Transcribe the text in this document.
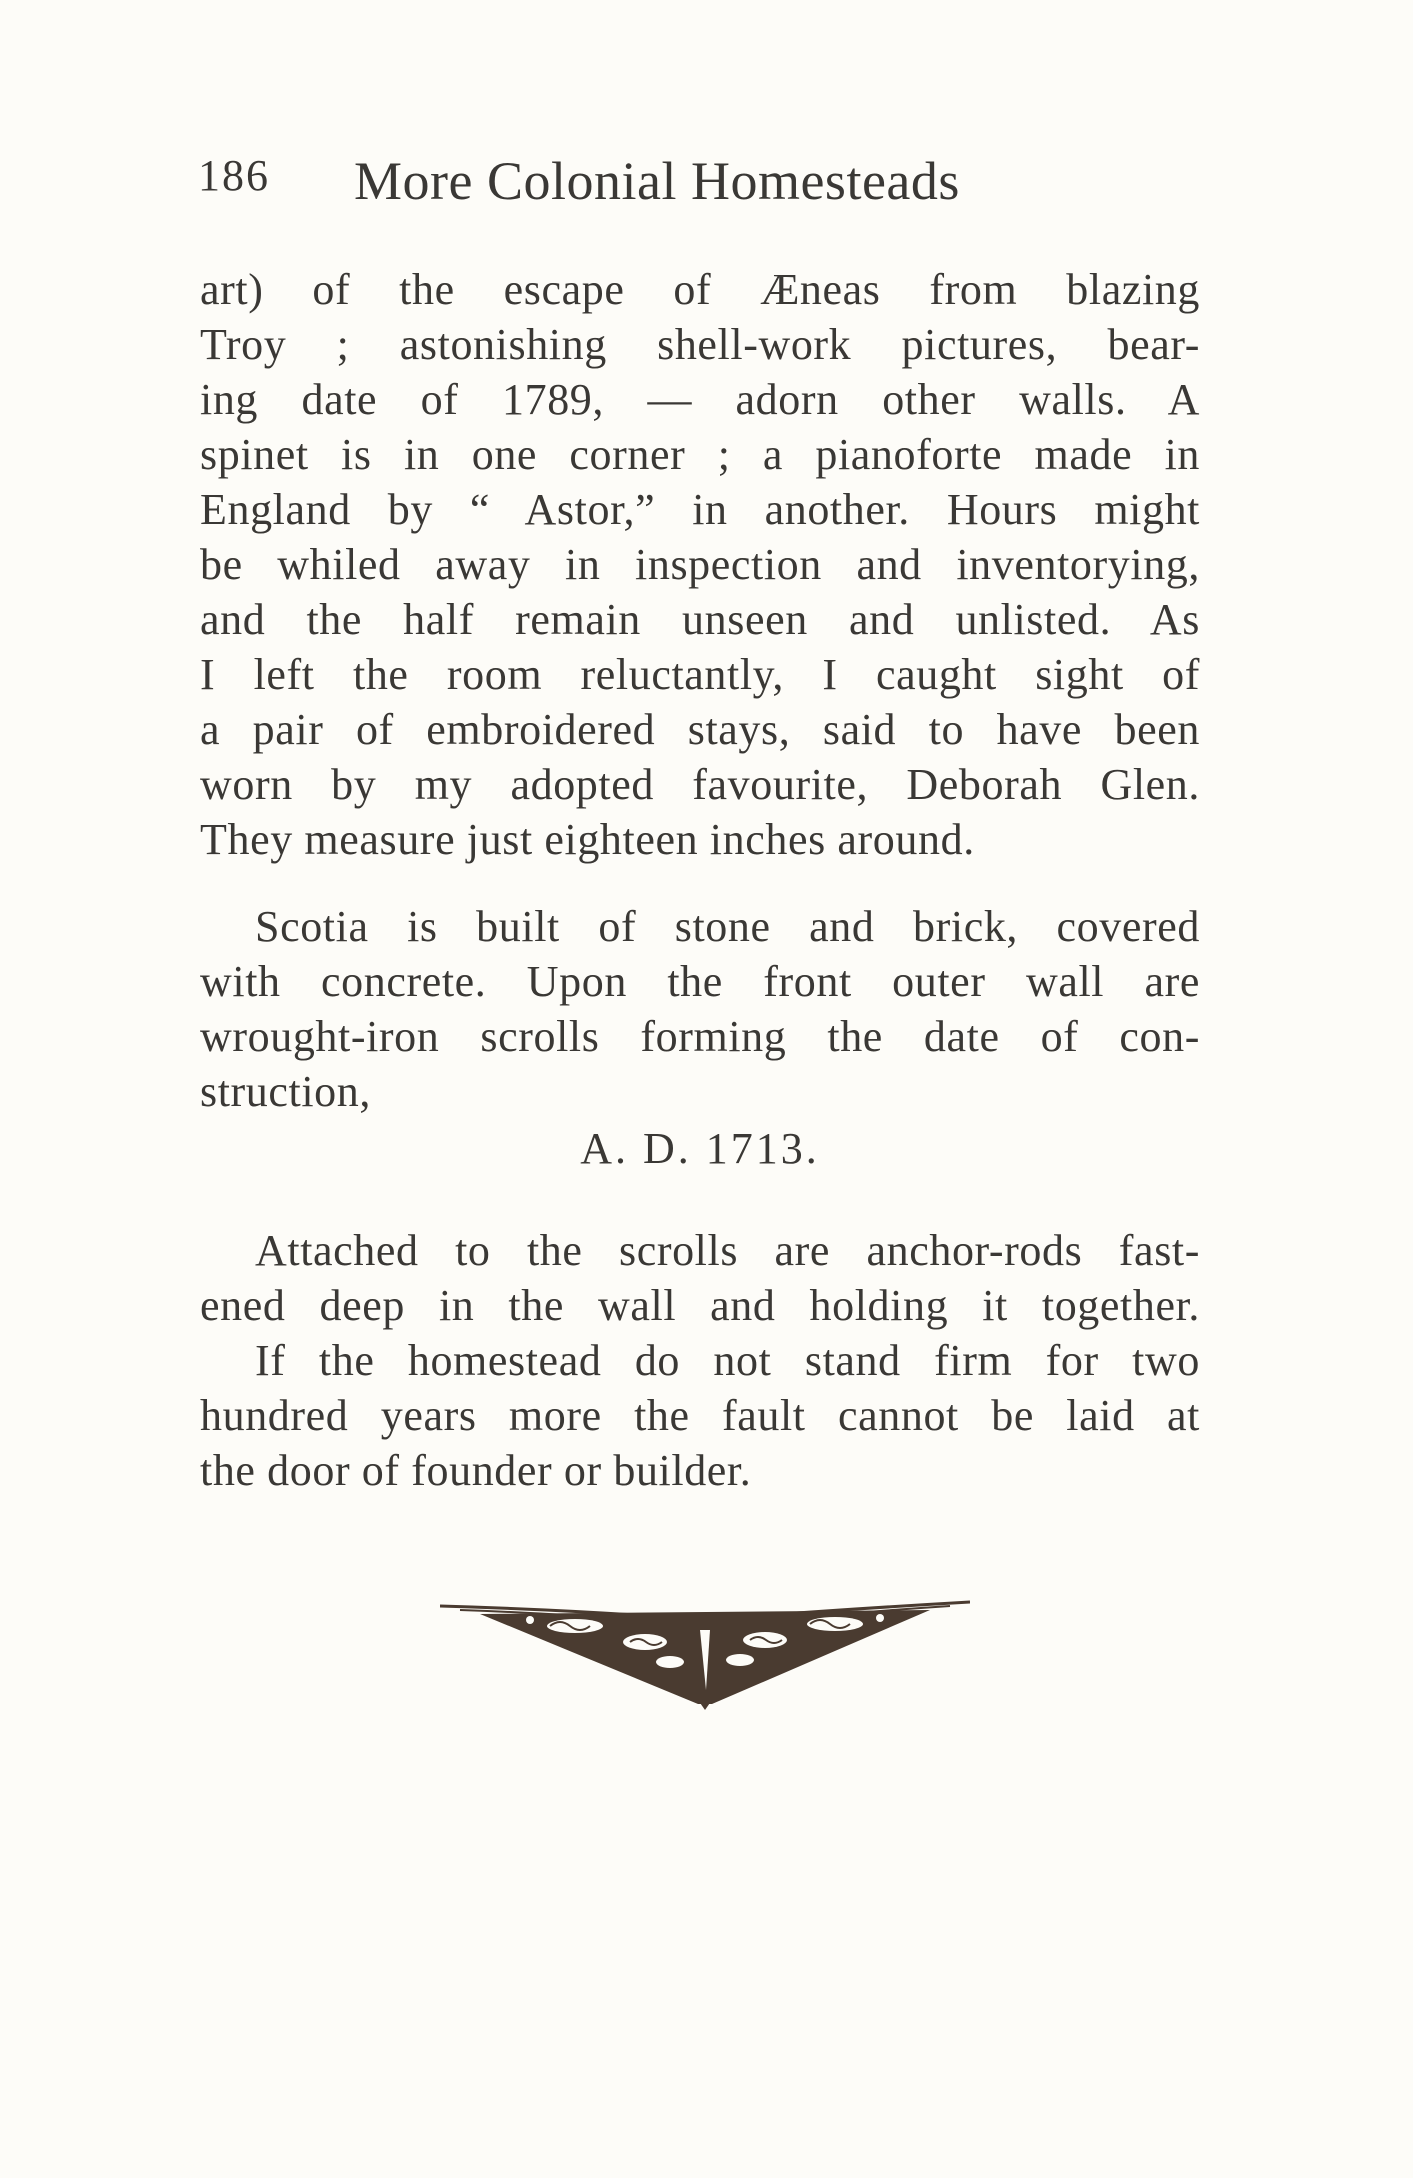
186 More Colonial Homesteads
art) of the escape of Æneas from blazing
Troy ; astonishing shell-work pictures, bear-
ing date of 1789, — adorn other walls. A
spinet is in one corner ; a pianoforte made in
England by “ Astor,” in another. Hours might
be whiled away in inspection and inventorying,
and the half remain unseen and unlisted. As
I left the room reluctantly, I caught sight of
a pair of embroidered stays, said to have been
worn by my adopted favourite, Deborah Glen.
They measure just eighteen inches around.
Scotia is built of stone and brick, covered
with concrete. Upon the front outer wall are
wrought-iron scrolls forming the date of con-
struction,
A. D. 1713.
Attached to the scrolls are anchor-rods fast-
ened deep in the wall and holding it together.
If the homestead do not stand firm for two
hundred years more the fault cannot be laid at
the door of founder or builder.
